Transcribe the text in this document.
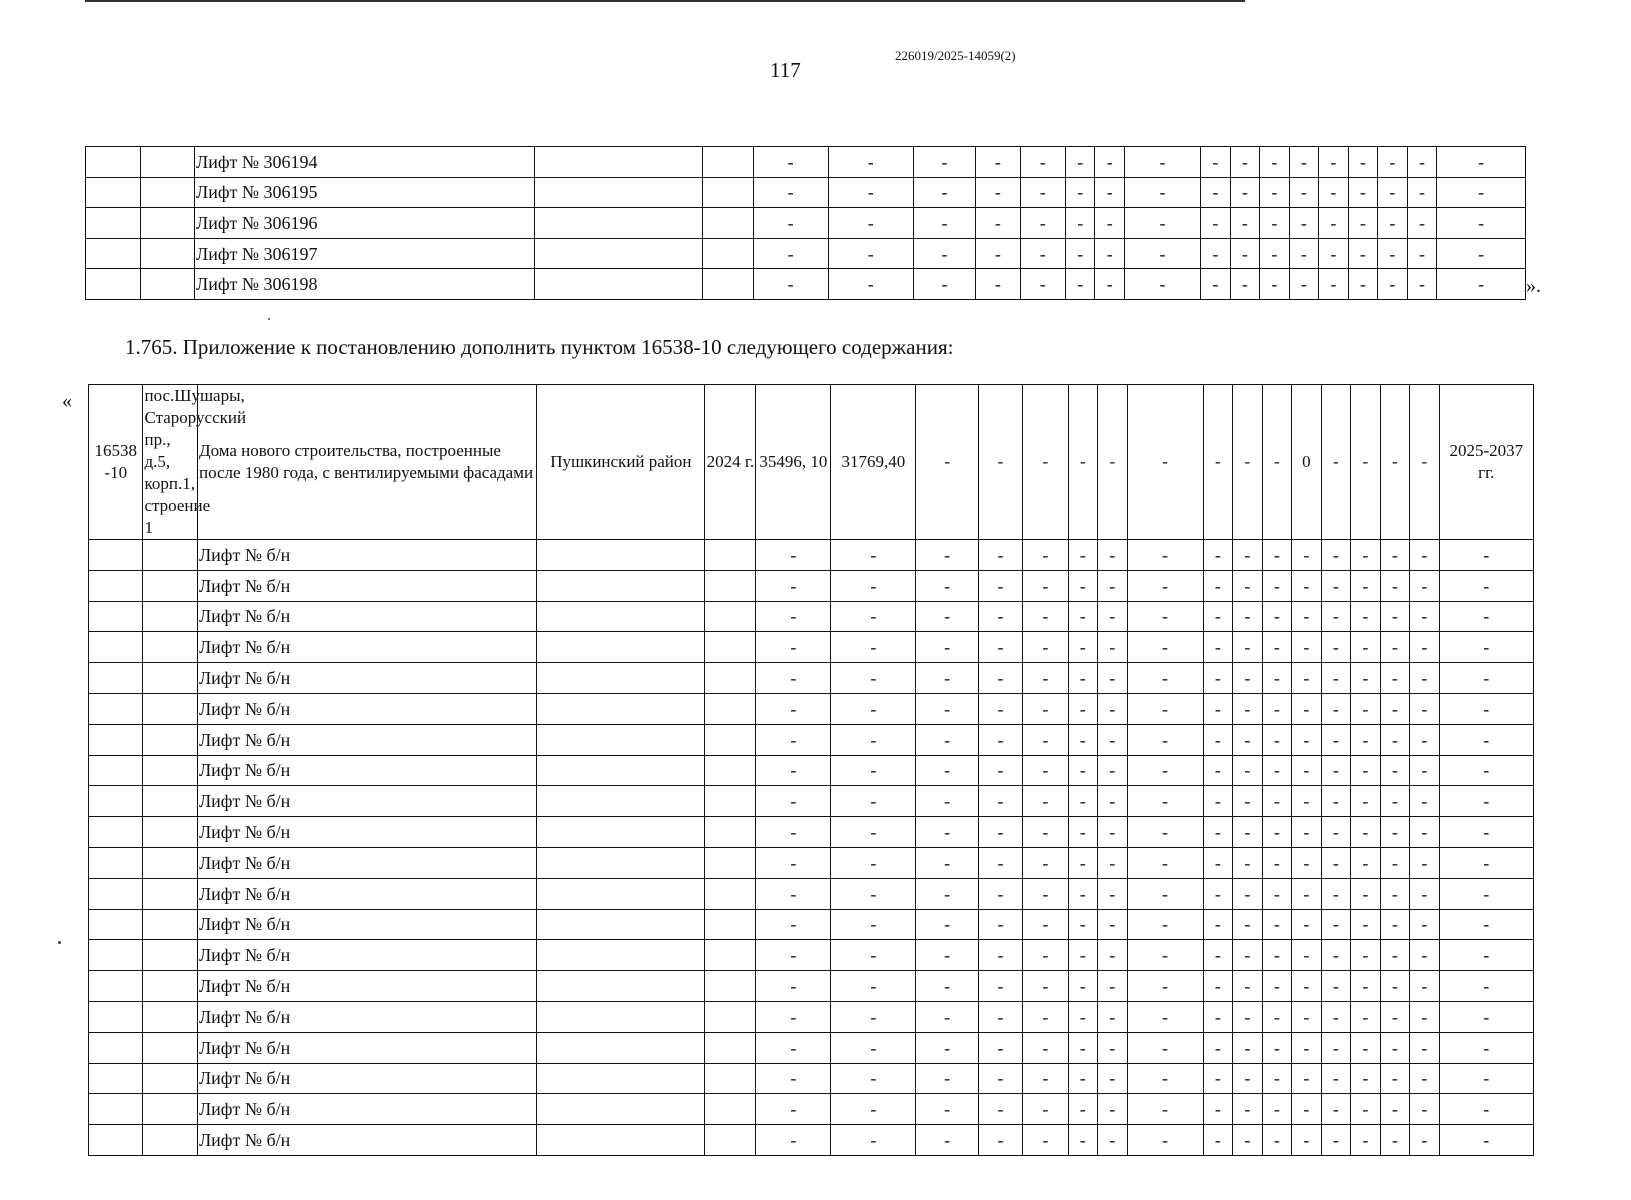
117
226019/2025-14059(2)
		Лифт № 306194			-	-	-	-	-	-	-	-	-	-	-	-	-	-	-	-	-
		Лифт № 306195			-	-	-	-	-	-	-	-	-	-	-	-	-	-	-	-	-
		Лифт № 306196			-	-	-	-	-	-	-	-	-	-	-	-	-	-	-	-	-
		Лифт № 306197			-	-	-	-	-	-	-	-	-	-	-	-	-	-	-	-	-
		Лифт № 306198			-	-	-	-	-	-	-	-	-	-	-	-	-	-	-	-	- ».
1.765. Приложение к постановлению дополнить пунктом 16538-10 следующего содержания:
«
16538 -10	пос.Шушары, Старорусский пр., д.5, корп.1, строение 1	Дома нового строительства, построенные после 1980 года, с вентилируемыми фасадами	Пушкинский район	2024 г.	35496, 10	31769,40	-	-	-	-	-	-	-	-	-	0	-	-	-	-	2025-2037 гг.
		Лифт № б/н			-	-	-	-	-	-	-	-	-	-	-	-	-	-	-	-	-
		Лифт № б/н			-	-	-	-	-	-	-	-	-	-	-	-	-	-	-	-	-
		Лифт № б/н			-	-	-	-	-	-	-	-	-	-	-	-	-	-	-	-	-
		Лифт № б/н			-	-	-	-	-	-	-	-	-	-	-	-	-	-	-	-	-
		Лифт № б/н			-	-	-	-	-	-	-	-	-	-	-	-	-	-	-	-	-
		Лифт № б/н			-	-	-	-	-	-	-	-	-	-	-	-	-	-	-	-	-
		Лифт № б/н			-	-	-	-	-	-	-	-	-	-	-	-	-	-	-	-	-
		Лифт № б/н			-	-	-	-	-	-	-	-	-	-	-	-	-	-	-	-	-
		Лифт № б/н			-	-	-	-	-	-	-	-	-	-	-	-	-	-	-	-	-
		Лифт № б/н			-	-	-	-	-	-	-	-	-	-	-	-	-	-	-	-	-
		Лифт № б/н			-	-	-	-	-	-	-	-	-	-	-	-	-	-	-	-	-
		Лифт № б/н			-	-	-	-	-	-	-	-	-	-	-	-	-	-	-	-	-
		Лифт № б/н			-	-	-	-	-	-	-	-	-	-	-	-	-	-	-	-	-
		Лифт № б/н			-	-	-	-	-	-	-	-	-	-	-	-	-	-	-	-	-
		Лифт № б/н			-	-	-	-	-	-	-	-	-	-	-	-	-	-	-	-	-
		Лифт № б/н			-	-	-	-	-	-	-	-	-	-	-	-	-	-	-	-	-
		Лифт № б/н			-	-	-	-	-	-	-	-	-	-	-	-	-	-	-	-	-
		Лифт № б/н			-	-	-	-	-	-	-	-	-	-	-	-	-	-	-	-	-
		Лифт № б/н			-	-	-	-	-	-	-	-	-	-	-	-	-	-	-	-	-
		Лифт № б/н			-	-	-	-	-	-	-	-	-	-	-	-	-	-	-	-	-
